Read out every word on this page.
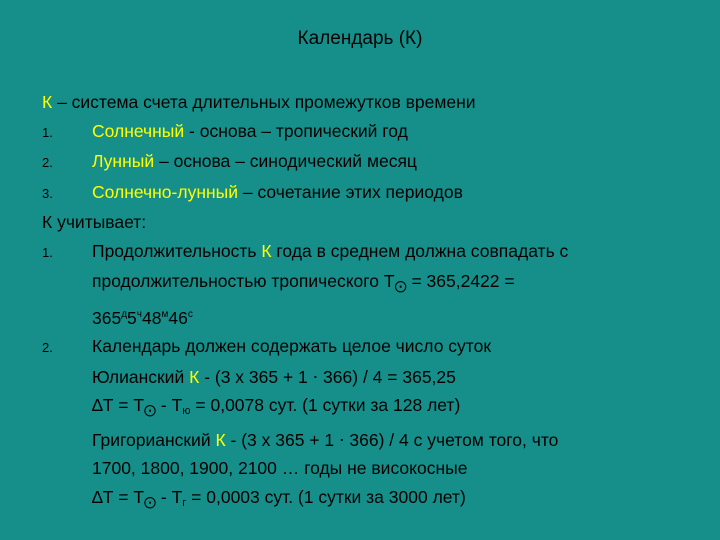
Календарь (К)
К – система счета длительных промежутков времени
1. Солнечный - основа – тропический год
2. Лунный – основа – синодический месяц
3. Солнечно-лунный – сочетание этих периодов
К учитывает:
1. Продолжительность К года в среднем должна совпадать с
продолжительностью тропического Т⨀ = 365,2422 =
$365^д5^ч48^м46^с$
2. Календарь должен содержать целое число суток
Юлианский К - (3 х 365 + 1 ⋅ 366) / 4 = 365,25
∆Т = Т⨀ - $Т_ю = 0,0078$ сут. (1 сутки за 128 лет)
Григорианский К - (3 х 365 + 1 ⋅ 366) / 4 с учетом того, что
1700, 1800, 1900, 2100 … годы не високосные
∆Т = Т⨀ - $Т_г = 0,0003$ сут. (1 сутки за 3000 лет)
